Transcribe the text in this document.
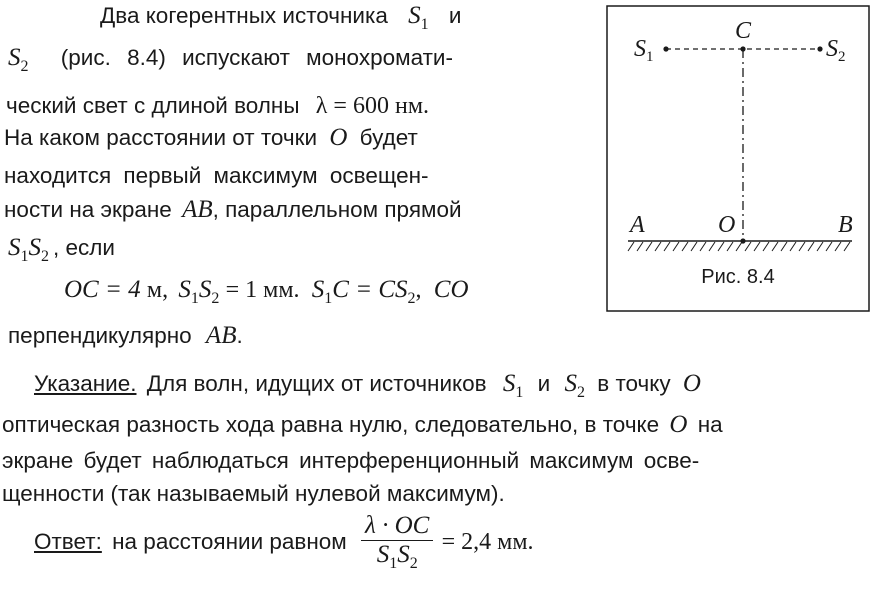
Два когерентных источника $S_1$ и
$S_2$ (рис. 8.4) испускают монохромати-
ческий свет с длиной волны λ = 600 нм.
На каком расстоянии от точки O будет
находится первый максимум освещен-
ности на экране AB, параллельном прямой
$S_1S_2$ , если
OC = 4 м, $S_1S_2 = 1$ мм. $S_1C = CS_2$, CO
перпендикулярно AB.
Указание. Для волн, идущих от источников $S_1$ и $S_2$ в точку O
оптическая разность хода равна нулю, следовательно, в точке O на
экране будет наблюдаться интерференционный максимум осве-
щенности (так называемый нулевой максимум).
Ответ: на расстоянии равном $\frac{\lambda \cdot OC}{S_1S_2} = 2,4$ мм.
$S_1$
C
$S_2$
A	O	B
Рис. 8.4
